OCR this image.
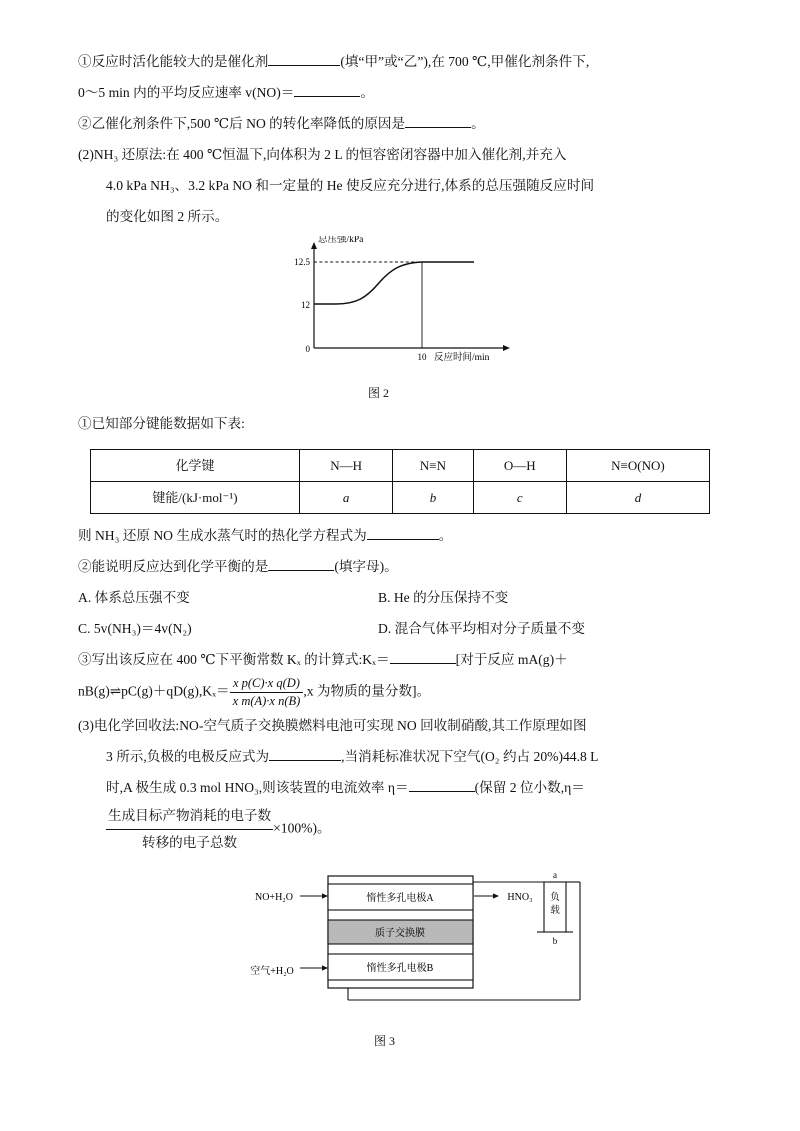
①反应时活化能较大的是催化剂	(填“甲”或“乙”),在 700 ℃,甲催化剂条件下,
0～5 min 内的平均反应速率 v(NO)＝	。
②乙催化剂条件下,500 ℃后 NO 的转化率降低的原因是	。
(2)NH₃ 还原法:在 400 ℃恒温下,向体积为 2 L 的恒容密闭容器中加入催化剂,并充入
4.0 kPa NH₃、3.2 kPa NO 和一定量的 He 使反应充分进行,体系的总压强随反应时间
的变化如图 2 所示。
12.5
12
0
10 反应时间/min
总压强/kPa
图 2
①已知部分键能数据如下表:
化学键	N—H	N≡N	O—H	N≡O(NO)
键能/(kJ·mol⁻¹)	a	b	c	d
则 NH₃ 还原 NO 生成水蒸气时的热化学方程式为	。
②能说明反应达到化学平衡的是	(填字母)。
A. 体系总压强不变	B. He 的分压保持不变
C. 5v(NH₃)＝4v(N₂)	D. 混合气体平均相对分子质量不变
③写出该反应在 400 ℃下平衡常数 Kₓ 的计算式:Kₓ＝	[对于反应 mA(g)＋
nB(g)⇌pC(g)＋qD(g),Kₓ＝ $\frac{\text{x p(C)·x q(D)}}{\text{x m(A)·x n(B)}} ,x$ 为物质的量分数]。
(3)电化学回收法:NO-空气质子交换膜燃料电池可实现 NO 回收制硝酸,其工作原理如图
3 所示,负极的电极反应式为	,当消耗标准状况下空气(O₂ 约占 20%)44.8 L
时,A 极生成 0.3 mol HNO₃,则该装置的电流效率 η＝	(保留 2 位小数,η＝
$\frac{\text{生成目标产物消耗的电子数}}{\text{转移的电子总数}} \times 100\%$)。
惰性多孔电极A
质子交换膜
惰性多孔电极B
NO+H₂O
空气+H₂O
HNO₃ 负
载
a
b
图 3
